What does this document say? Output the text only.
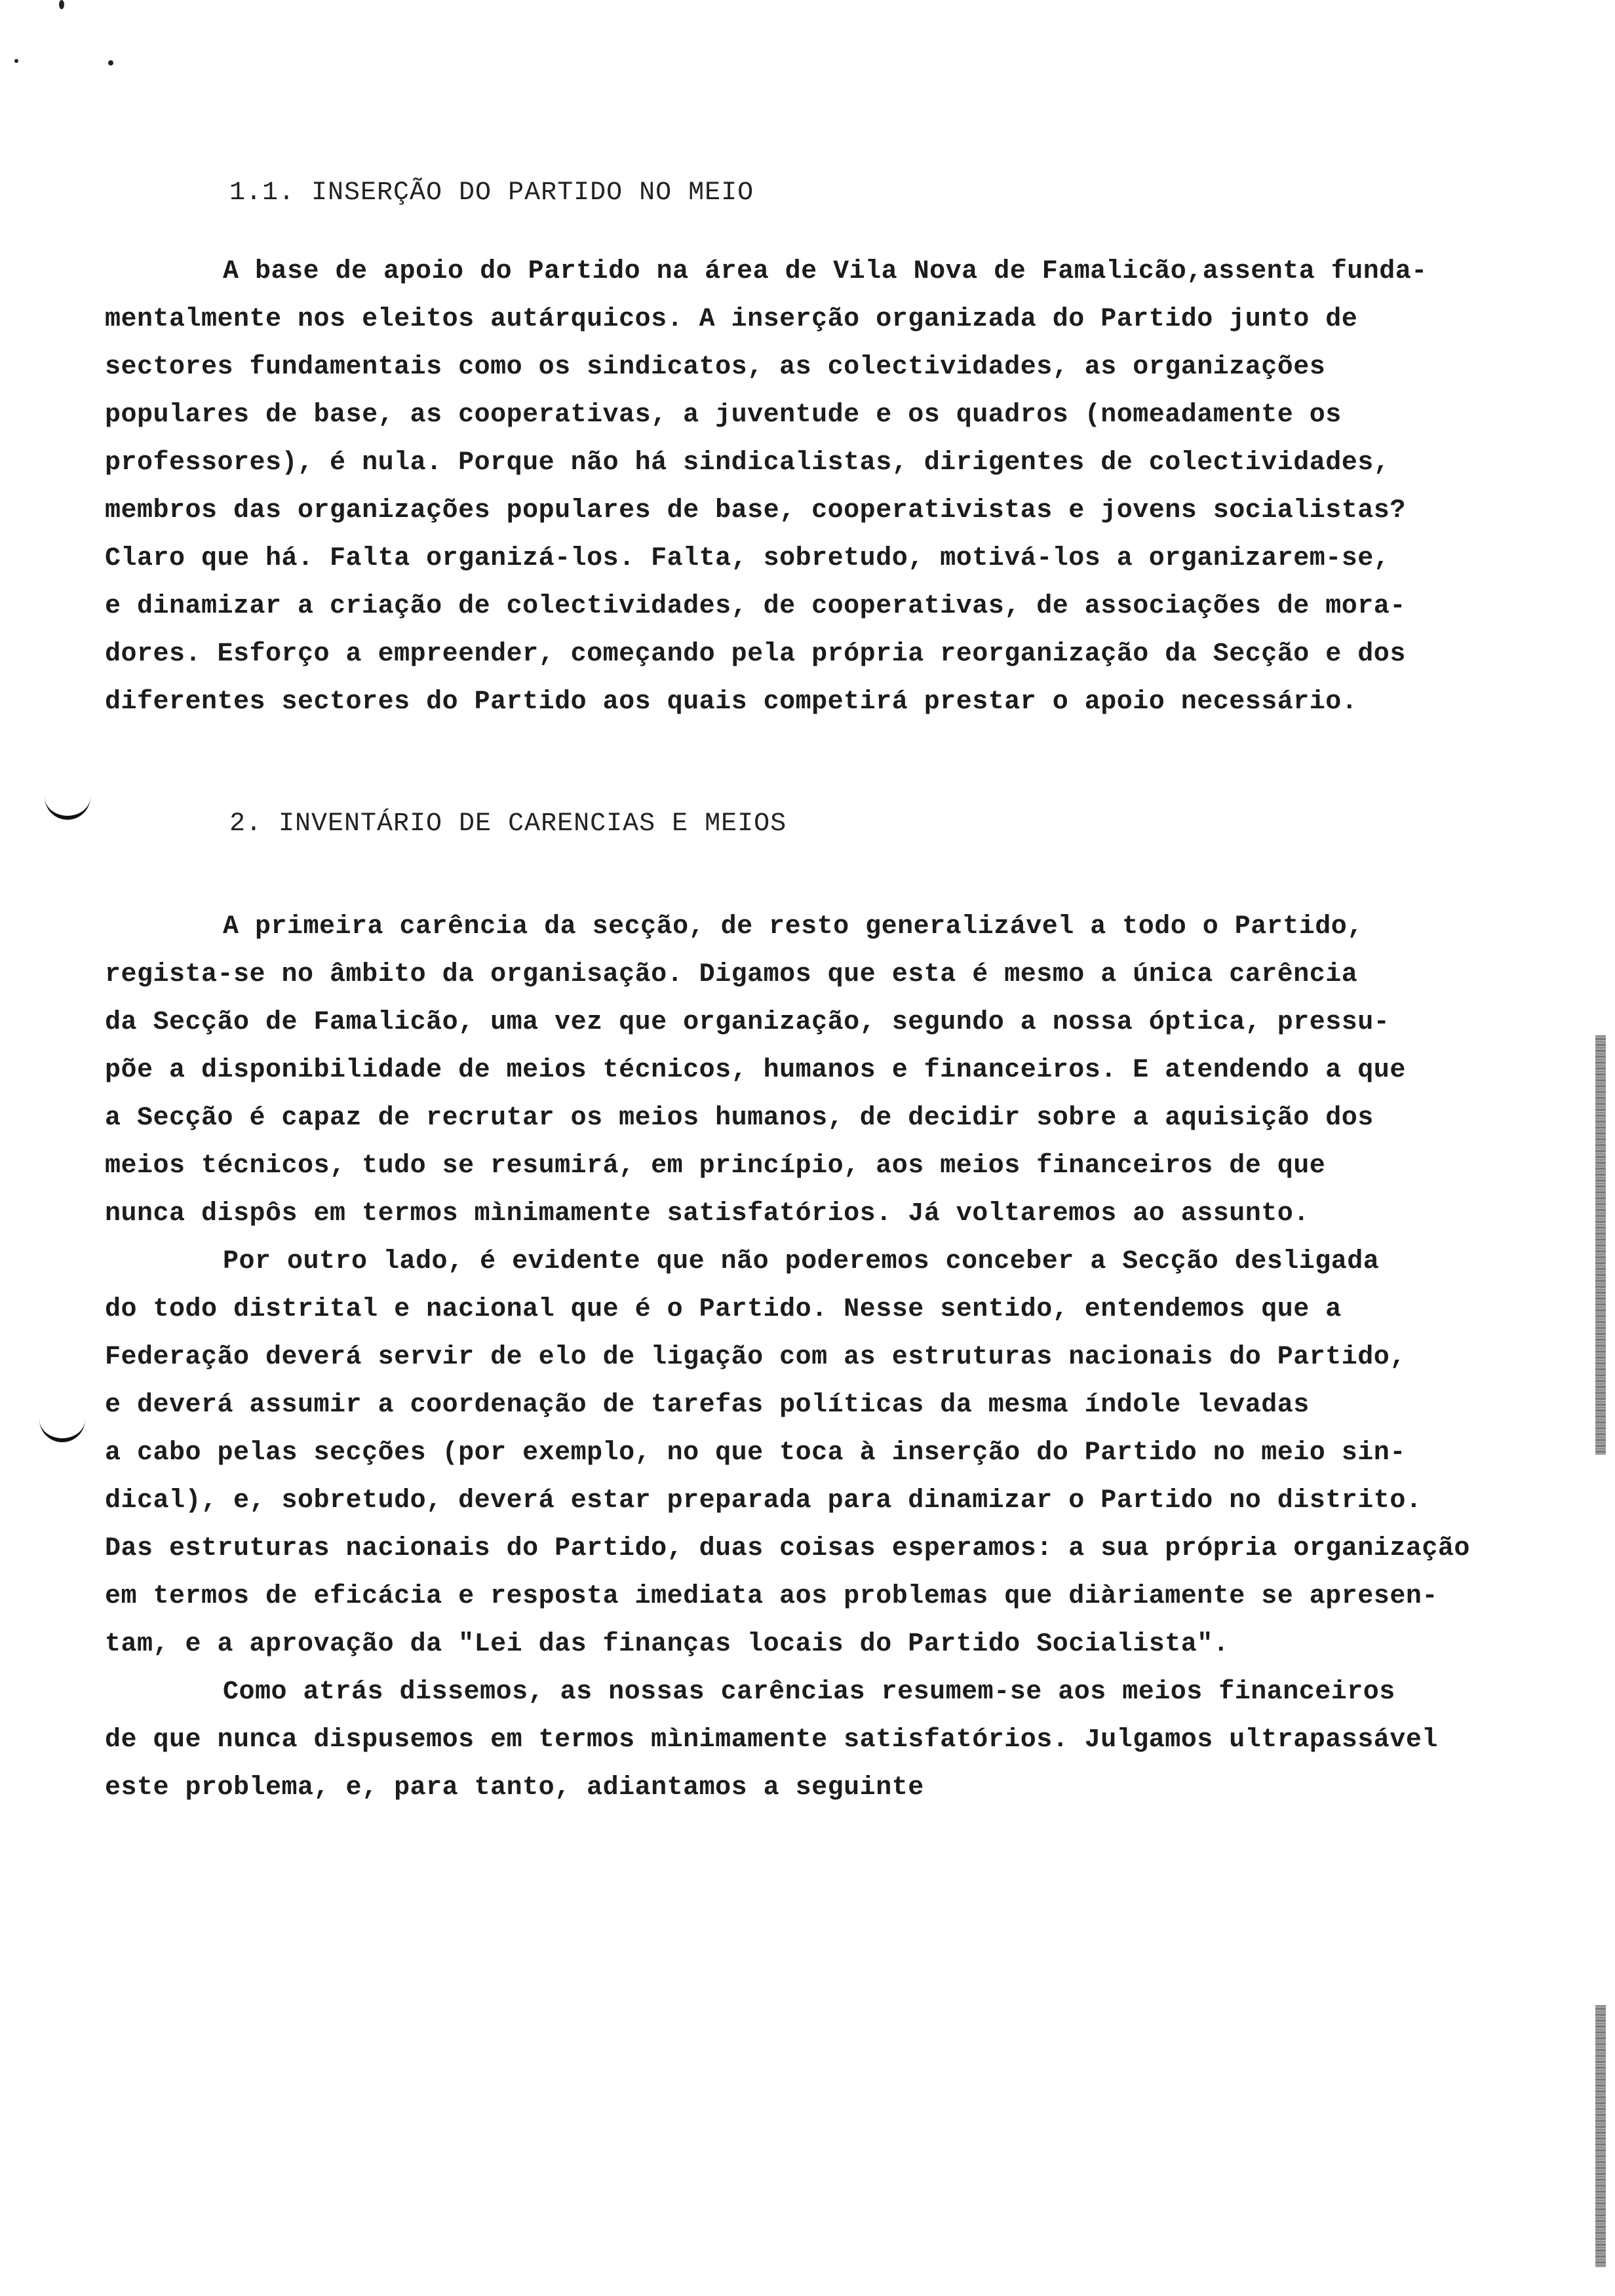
1.1. INSERÇÃO DO PARTIDO NO MEIO
A base de apoio do Partido na área de Vila Nova de Famalicão,assenta funda-
mentalmente nos eleitos autárquicos. A inserção organizada do Partido junto de
sectores fundamentais como os sindicatos, as colectividades, as organizações
populares de base, as cooperativas, a juventude e os quadros (nomeadamente os
professores), é nula. Porque não há sindicalistas, dirigentes de colectividades,
membros das organizações populares de base, cooperativistas e jovens socialistas?
Claro que há. Falta organizá-los. Falta, sobretudo, motivá-los a organizarem-se,
e dinamizar a criação de colectividades, de cooperativas, de associações de mora-
dores. Esforço a empreender, começando pela própria reorganização da Secção e dos
diferentes sectores do Partido aos quais competirá prestar o apoio necessário.
2. INVENTÁRIO DE CARENCIAS E MEIOS
A primeira carência da secção, de resto generalizável a todo o Partido,
regista-se no âmbito da organisação. Digamos que esta é mesmo a única carência
da Secção de Famalicão, uma vez que organização, segundo a nossa óptica, pressu-
põe a disponibilidade de meios técnicos, humanos e financeiros. E atendendo a que
a Secção é capaz de recrutar os meios humanos, de decidir sobre a aquisição dos
meios técnicos, tudo se resumirá, em princípio, aos meios financeiros de que
nunca dispôs em termos mìnimamente satisfatórios. Já voltaremos ao assunto.
Por outro lado, é evidente que não poderemos conceber a Secção desligada
do todo distrital e nacional que é o Partido. Nesse sentido, entendemos que a
Federação deverá servir de elo de ligação com as estruturas nacionais do Partido,
e deverá assumir a coordenação de tarefas políticas da mesma índole levadas
a cabo pelas secções (por exemplo, no que toca à inserção do Partido no meio sin-
dical), e, sobretudo, deverá estar preparada para dinamizar o Partido no distrito.
Das estruturas nacionais do Partido, duas coisas esperamos: a sua própria organização
em termos de eficácia e resposta imediata aos problemas que diàriamente se apresen-
tam, e a aprovação da "Lei das finanças locais do Partido Socialista".
Como atrás dissemos, as nossas carências resumem-se aos meios financeiros
de que nunca dispusemos em termos mìnimamente satisfatórios. Julgamos ultrapassável
este problema, e, para tanto, adiantamos a seguinte
